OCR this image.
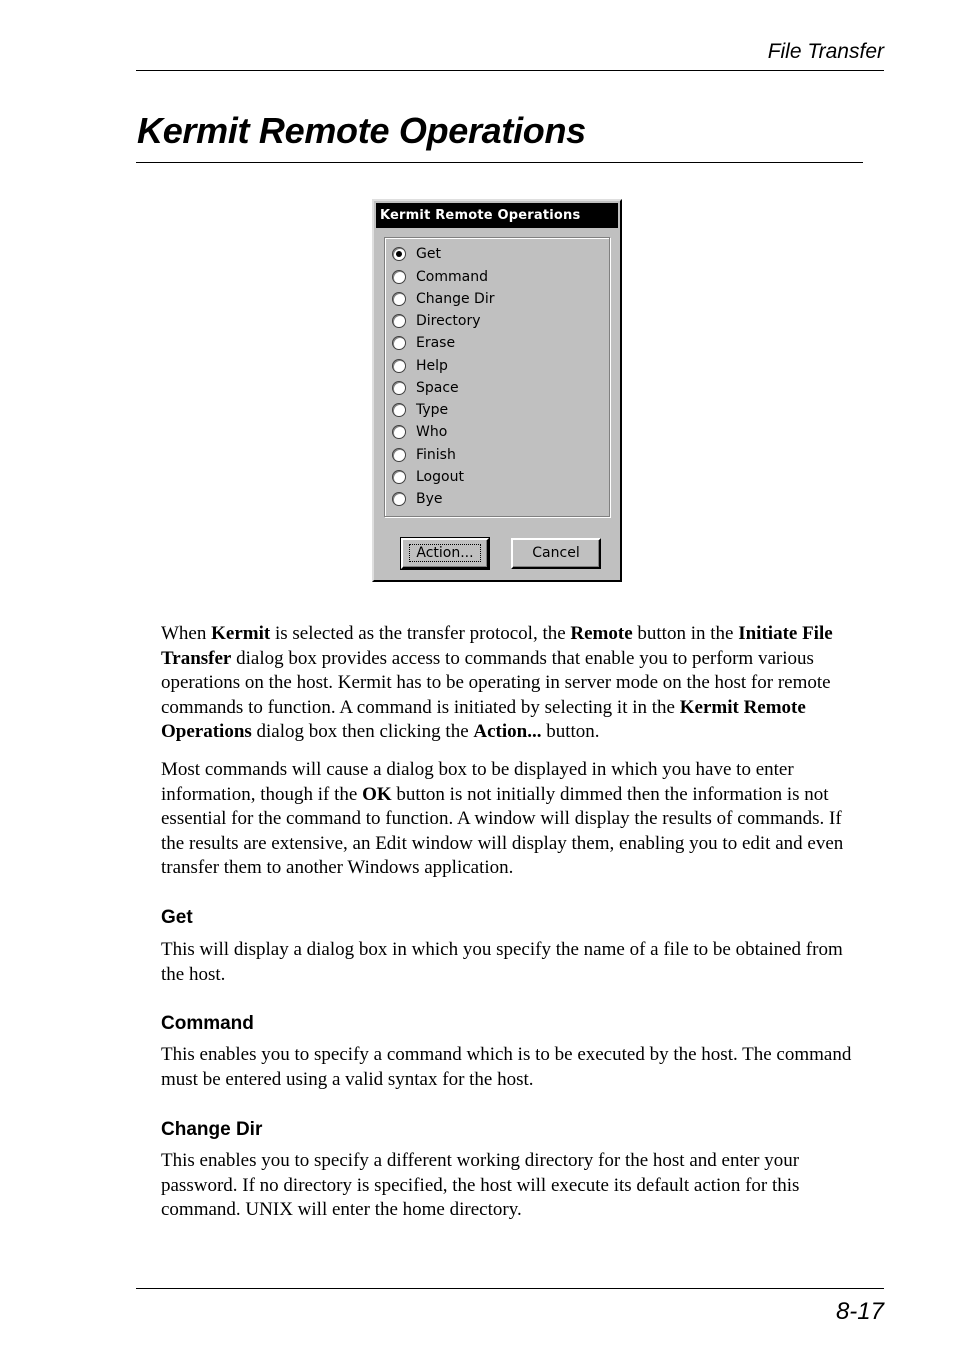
File Transfer
Kermit Remote Operations
Kermit Remote Operations
Get
Command
Change Dir
Directory
Erase
Help
Space
Type
Who
Finish
Logout
Bye
Action...	Cancel

When Kermit is selected as the transfer protocol, the Remote button in the Initiate File Transfer dialog box provides access to commands that enable you to perform various operations on the host. Kermit has to be operating in server mode on the host for remote commands to function. A command is initiated by selecting it in the Kermit Remote Operations dialog box then clicking the Action... button.

Most commands will cause a dialog box to be displayed in which you have to enter information, though if the OK button is not initially dimmed then the information is not essential for the command to function. A window will display the results of commands. If the results are extensive, an Edit window will display them, enabling you to edit and even transfer them to another Windows application.

Get

This will display a dialog box in which you specify the name of a file to be obtained from the host.

Command

This enables you to specify a command which is to be executed by the host. The command must be entered using a valid syntax for the host.

Change Dir

This enables you to specify a different working directory for the host and enter your password. If no directory is specified, the host will execute its default action for this command. UNIX will enter the home directory.

8-17
